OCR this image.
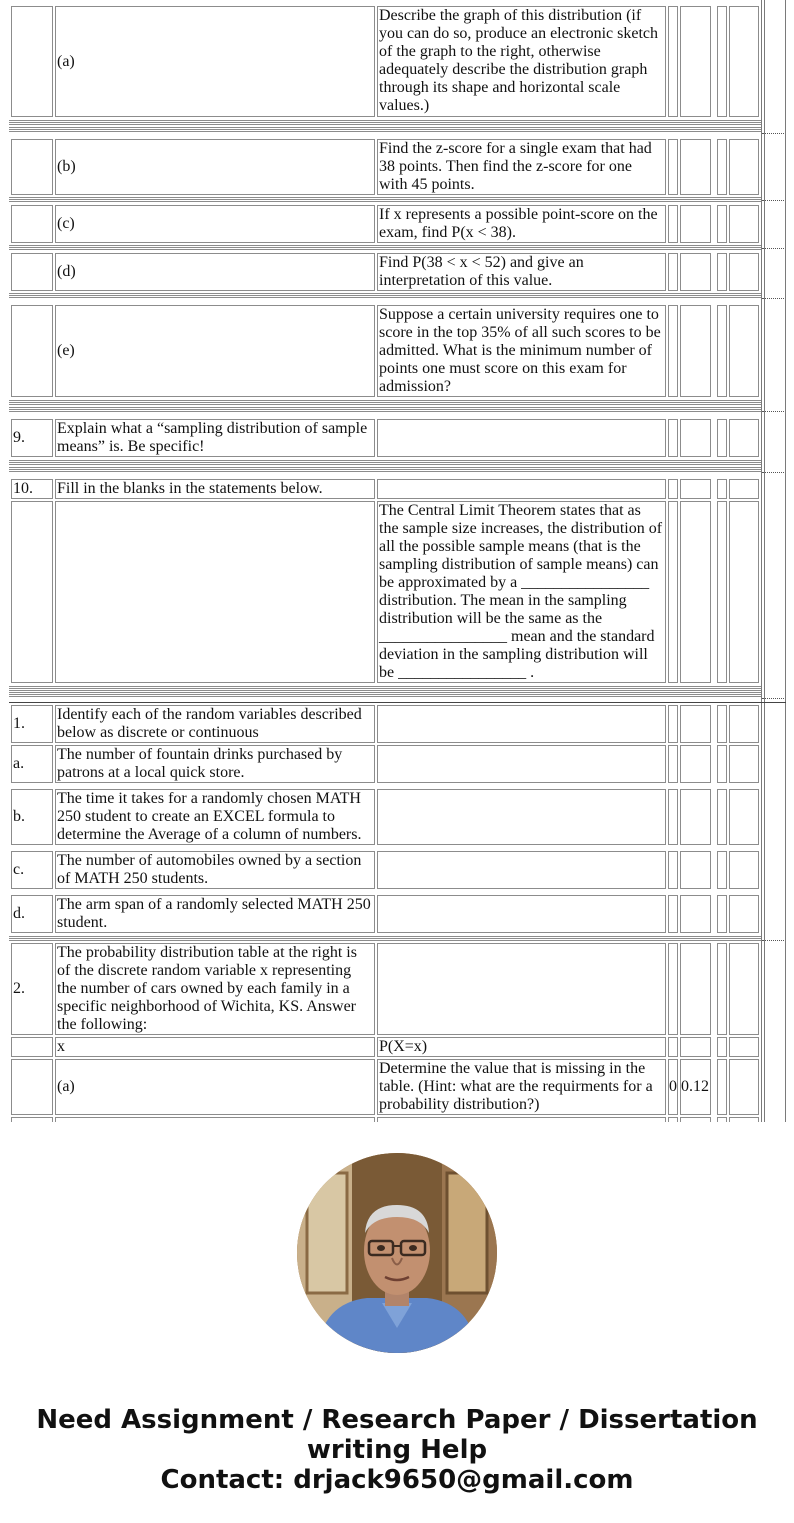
(a)
Describe the graph of this distribution (if you can do so, produce an electronic sketch of the graph to the right, otherwise adequately describe the distribution graph through its shape and horizontal scale values.)
(b)
Find the z-score for a single exam that had 38 points. Then find the z-score for one with 45 points.
(c)
If x represents a possible point-score on the exam, find P(x < 38).
(d)
Find P(38 < x < 52) and give an interpretation of this value.
(e)
Suppose a certain university requires one to score in the top 35% of all such scores to be admitted. What is the minimum number of points one must score on this exam for admission?
9.
Explain what a “sampling distribution of sample means” is. Be specific!
10.	Fill in the blanks in the statements below.
The Central Limit Theorem states that as the sample size increases, the distribution of all the possible sample means (that is the sampling distribution of sample means) can be approximated by a ________________ distribution. The mean in the sampling distribution will be the same as the ________________ mean and the standard deviation in the sampling distribution will be ________________ .
1.
Identify each of the random variables described below as discrete or continuous
a.
The number of fountain drinks purchased by patrons at a local quick store.
b.
The time it takes for a randomly chosen MATH 250 student to create an EXCEL formula to determine the Average of a column of numbers.
c.
The number of automobiles owned by a section of MATH 250 students.
d.
The arm span of a randomly selected MATH 250 student.
2.
The probability distribution table at the right is of the discrete random variable x representing the number of cars owned by each family in a specific neighborhood of Wichita, KS. Answer the following:
x	P(X=x)
(a)
Determine the value that is missing in the table. (Hint: what are the requirments for a probability distribution?)
0 0.12
Need Assignment / Research Paper / Dissertation
writing Help
Contact: drjack9650@gmail.com
